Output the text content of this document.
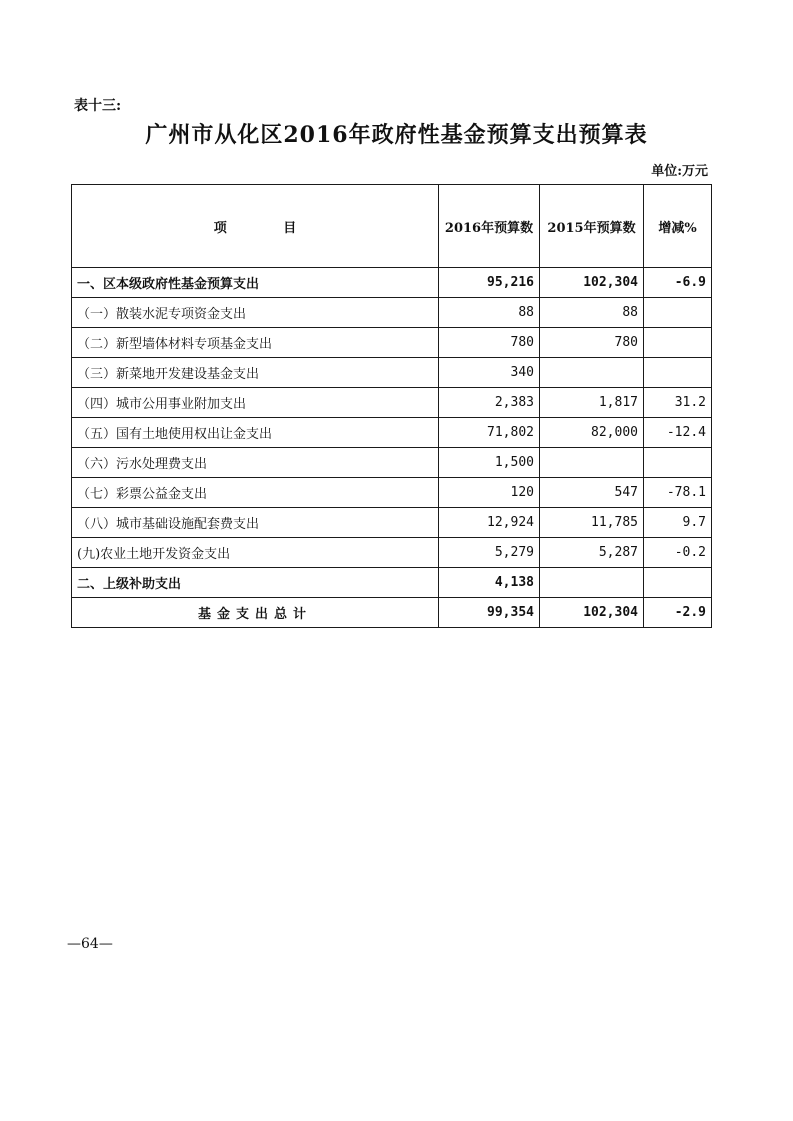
表十三:
广州市从化区2016年政府性基金预算支出预算表
单位:万元
项 目	2016年预算数	2015年预算数	增减%
一、区本级政府性基金预算支出	95,216	102,304	-6.9
（一）散装水泥专项资金支出	88	88	
（二）新型墙体材料专项基金支出	780	780	
（三）新菜地开发建设基金支出	340		
（四）城市公用事业附加支出	2,383	1,817	31.2
（五）国有土地使用权出让金支出	71,802	82,000	-12.4
（六）污水处理费支出	1,500		
（七）彩票公益金支出	120	547	-78.1
（八）城市基础设施配套费支出	12,924	11,785	9.7
(九)农业土地开发资金支出	5,279	5,287	-0.2
二、上级补助支出	4,138		
基金支出总计	99,354	102,304	-2.9
—64—
